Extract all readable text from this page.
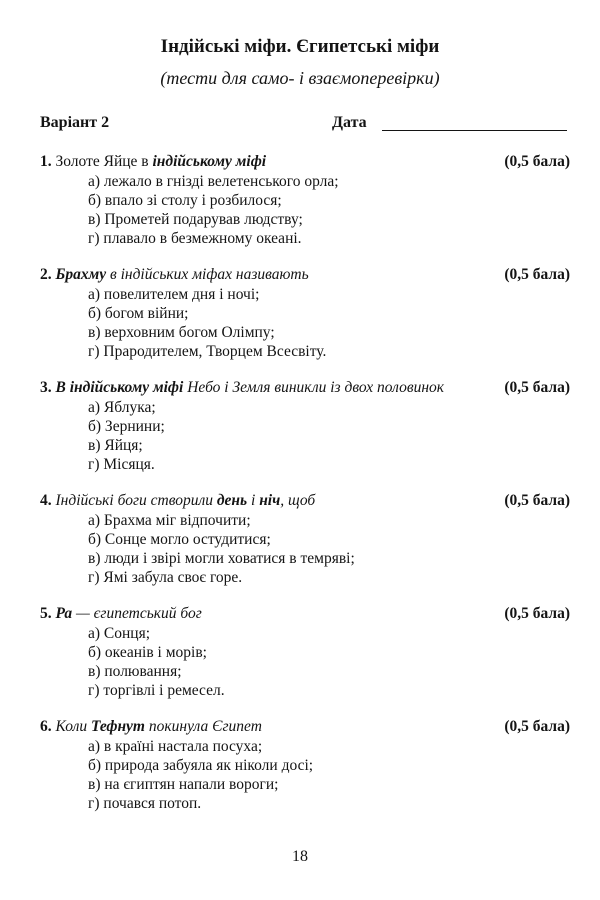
Індійські міфи. Єгипетські міфи
(тести для само- і взаємоперевірки)
Варіант 2	Дата
1. Золоте Яйце в індійському міфі	(0,5 бала)
а) лежало в гнізді велетенського орла;
б) впало зі столу і розбилося;
в) Прометей подарував людству;
г) плавало в безмежному океані.
2. Брахму в індійських міфах називають	(0,5 бала)
а) повелителем дня і ночі;
б) богом війни;
в) верховним богом Олімпу;
г) Прародителем, Творцем Всесвіту.
3. В індійському міфі Небо і Земля виникли із двох половинок	(0,5 бала)
а) Яблука;
б) Зернини;
в) Яйця;
г) Місяця.
4. Індійські боги створили день і ніч, щоб	(0,5 бала)
а) Брахма міг відпочити;
б) Сонце могло остудитися;
в) люди і звірі могли ховатися в темряві;
г) Ямі забула своє горе.
5. Ра — єгипетський бог	(0,5 бала)
а) Сонця;
б) океанів і морів;
в) полювання;
г) торгівлі і ремесел.
6. Коли Тефнут покинула Єгипет	(0,5 бала)
а) в країні настала посуха;
б) природа забуяла як ніколи досі;
в) на єгиптян напали вороги;
г) почався потоп.
18
